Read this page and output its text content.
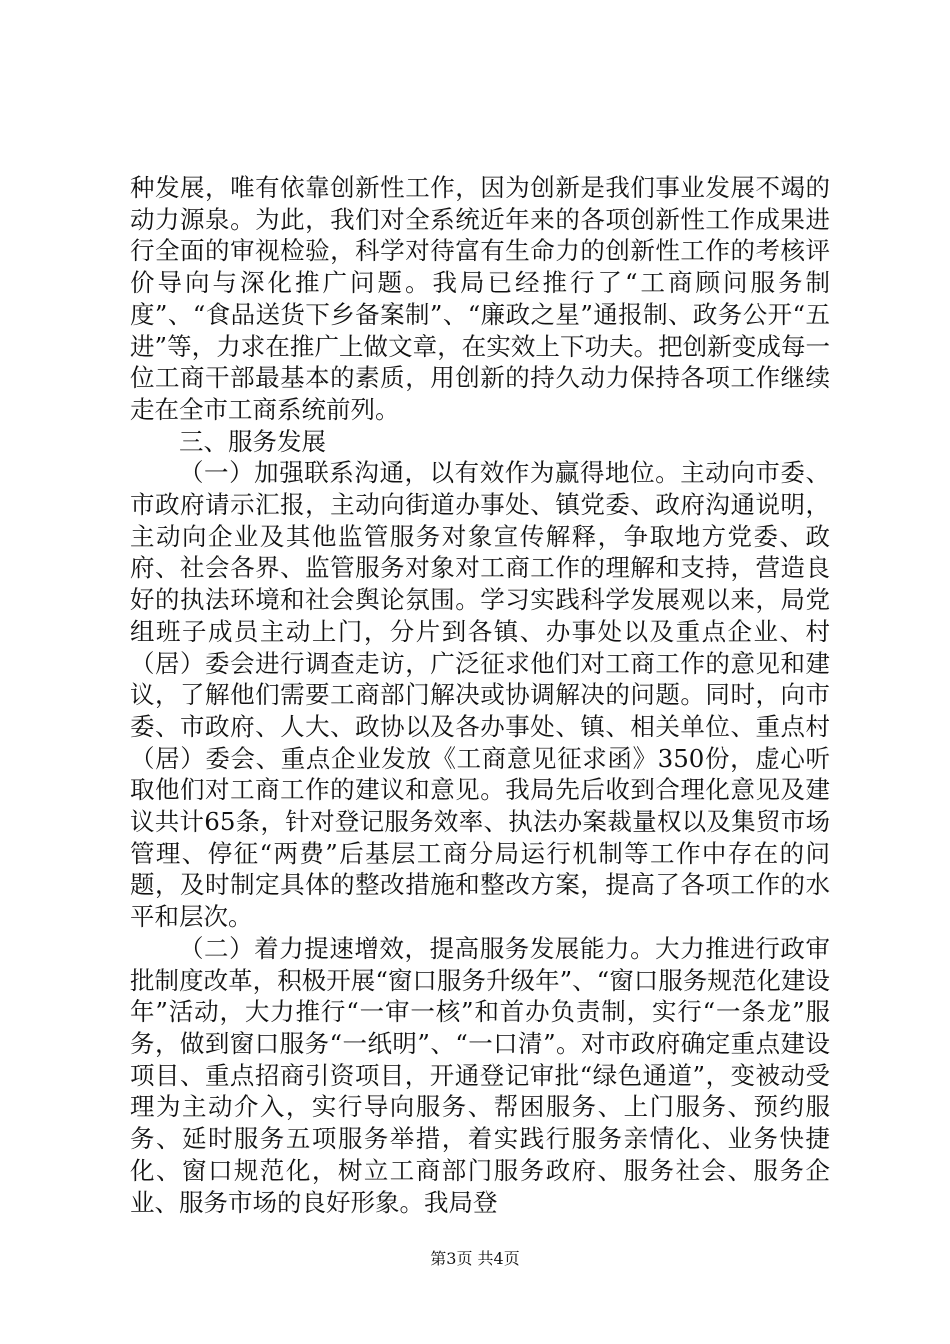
种发展，唯有依靠创新性工作，因为创新是我们事业发展不竭的动力源泉。为此，我们对全系统近年来的各项创新性工作成果进行全面的审视检验，科学对待富有生命力的创新性工作的考核评价导向与深化推广问题。我局已经推行了“工商顾问服务制度”、“食品送货下乡备案制”、“廉政之星”通报制、政务公开“五进”等，力求在推广上做文章，在实效上下功夫。把创新变成每一位工商干部最基本的素质，用创新的持久动力保持各项工作继续走在全市工商系统前列。

三、服务发展

（一）加强联系沟通，以有效作为赢得地位。主动向市委、市政府请示汇报，主动向街道办事处、镇党委、政府沟通说明，主动向企业及其他监管服务对象宣传解释，争取地方党委、政府、社会各界、监管服务对象对工商工作的理解和支持，营造良好的执法环境和社会舆论氛围。学习实践科学发展观以来，局党组班子成员主动上门，分片到各镇、办事处以及重点企业、村（居）委会进行调查走访，广泛征求他们对工商工作的意见和建议，了解他们需要工商部门解决或协调解决的问题。同时，向市委、市政府、人大、政协以及各办事处、镇、相关单位、重点村（居）委会、重点企业发放《工商意见征求函》350份，虚心听取他们对工商工作的建议和意见。我局先后收到合理化意见及建议共计65条，针对登记服务效率、执法办案裁量权以及集贸市场管理、停征“两费”后基层工商分局运行机制等工作中存在的问题，及时制定具体的整改措施和整改方案，提高了各项工作的水平和层次。

（二）着力提速增效，提高服务发展能力。大力推进行政审批制度改革，积极开展“窗口服务升级年”、“窗口服务规范化建设年”活动，大力推行“一审一核”和首办负责制，实行“一条龙”服务，做到窗口服务“一纸明”、“一口清”。对市政府确定重点建设项目、重点招商引资项目，开通登记审批“绿色通道”，变被动受理为主动介入，实行导向服务、帮困服务、上门服务、预约服务、延时服务五项服务举措，着实践行服务亲情化、业务快捷化、窗口规范化，树立工商部门服务政府、服务社会、服务企业、服务市场的良好形象。我局登

第3页 共4页
